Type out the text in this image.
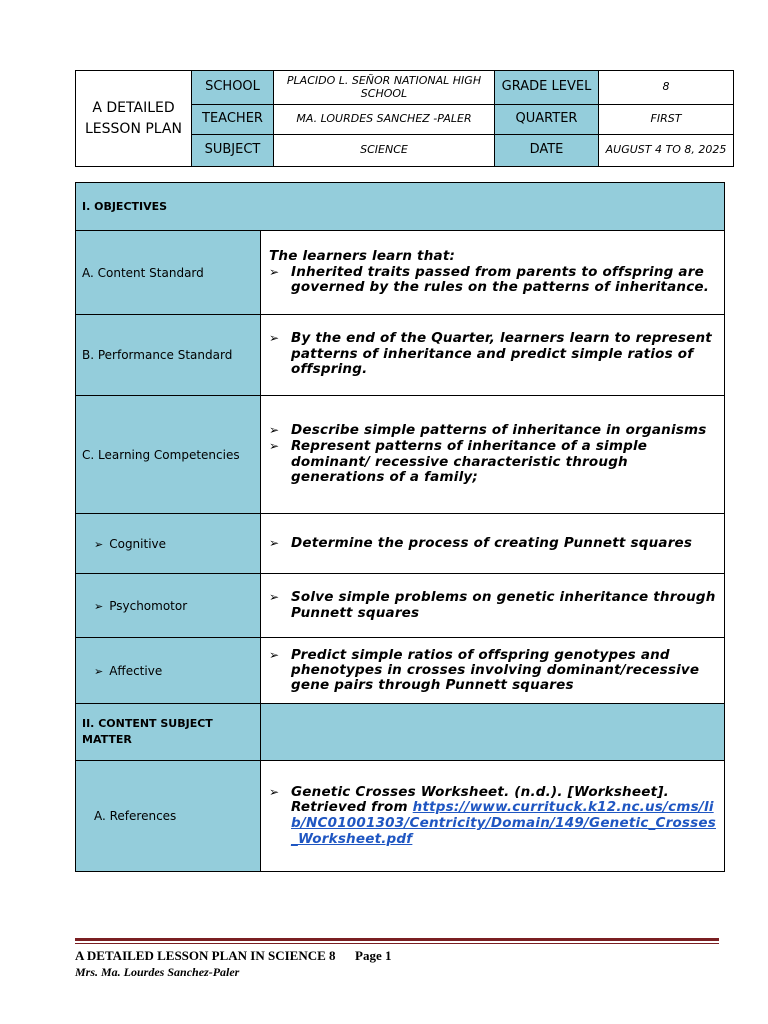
A DETAILED LESSON PLAN	SCHOOL	PLACIDO L. SEÑOR NATIONAL HIGH SCHOOL	GRADE LEVEL	8
	TEACHER	MA. LOURDES SANCHEZ -PALER	QUARTER	FIRST
	SUBJECT	SCIENCE	DATE	AUGUST 4 TO 8, 2025
I. OBJECTIVES	
A. Content Standard	The learners learn that:
➢ Inherited traits passed from parents to offspring are governed by the rules on the patterns of inheritance.

B. Performance Standard	➢ By the end of the Quarter, learners learn to represent patterns of inheritance and predict simple ratios of offspring.

C. Learning Competencies	➢ Describe simple patterns of inheritance in organisms
➢ Represent patterns of inheritance of a simple dominant/ recessive characteristic through generations of a family;

➢ Cognitive	➢ Determine the process of creating Punnett squares

➢ Psychomotor	➢ Solve simple problems on genetic inheritance through Punnett squares

➢ Affective	➢ Predict simple ratios of offspring genotypes and phenotypes in crosses involving dominant/recessive gene pairs through Punnett squares

II. CONTENT SUBJECT MATTER	
A. References	➢ Genetic Crosses Worksheet. (n.d.). [Worksheet]. Retrieved from https://www.currituck.k12.nc.us/cms/lib/NC01001303/Centricity/Domain/149/Genetic_Crosses_Worksheet.pdf
A DETAILED LESSON PLAN IN SCIENCE 8 Page 1
Mrs. Ma. Lourdes Sanchez-Paler
